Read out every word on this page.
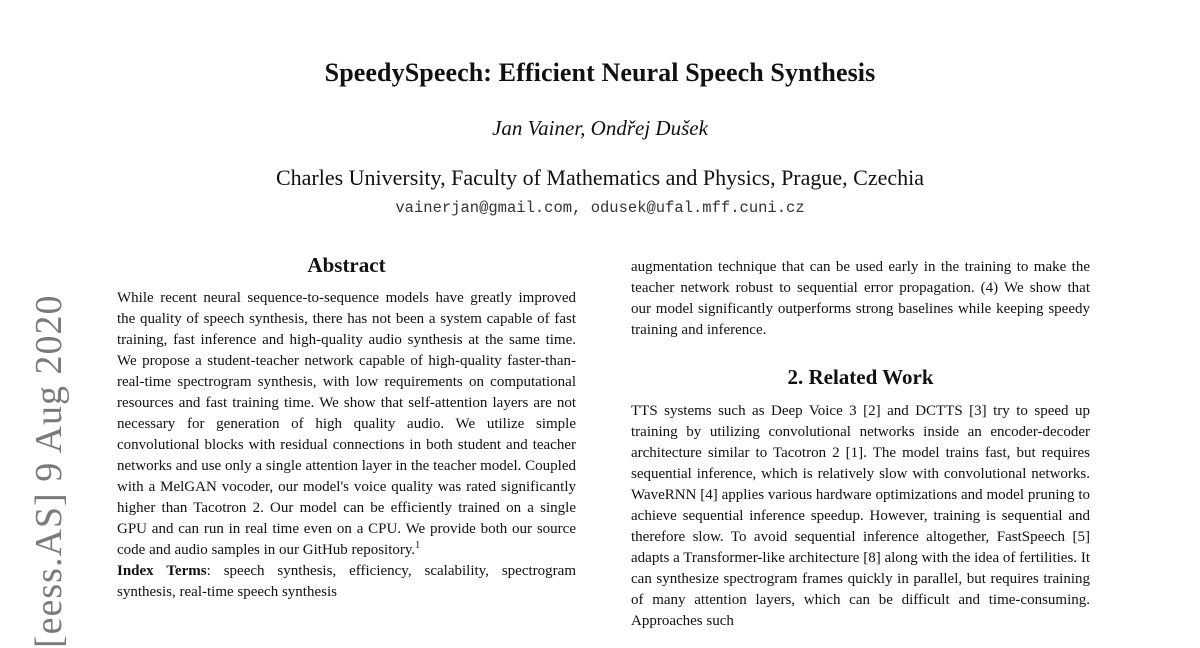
SpeedySpeech: Efficient Neural Speech Synthesis
Jan Vainer, Ondřej Dušek
Charles University, Faculty of Mathematics and Physics, Prague, Czechia
vainerjan@gmail.com, odusek@ufal.mff.cuni.cz
[eess.AS] 9 Aug 2020
Abstract

While recent neural sequence-to-sequence models have greatly improved the quality of speech synthesis, there has not been a system capable of fast training, fast inference and high-quality audio synthesis at the same time. We propose a student-teacher network capable of high-quality faster-than-real-time spectrogram synthesis, with low requirements on computational resources and fast training time. We show that self-attention layers are not necessary for generation of high quality audio. We utilize simple convolutional blocks with residual connections in both student and teacher networks and use only a single attention layer in the teacher model. Coupled with a MelGAN vocoder, our model's voice quality was rated significantly higher than Tacotron 2. Our model can be efficiently trained on a single GPU and can run in real time even on a CPU. We provide both our source code and audio samples in our GitHub repository.$^1$

Index Terms: speech synthesis, efficiency, scalability, spectrogram synthesis, real-time speech synthesis

augmentation technique that can be used early in the training to make the teacher network robust to sequential error propagation. (4) We show that our model significantly outperforms strong baselines while keeping speedy training and inference.

2. Related Work

TTS systems such as Deep Voice 3 [2] and DCTTS [3] try to speed up training by utilizing convolutional networks inside an encoder-decoder architecture similar to Tacotron 2 [1]. The model trains fast, but requires sequential inference, which is relatively slow with convolutional networks. WaveRNN [4] applies various hardware optimizations and model pruning to achieve sequential inference speedup. However, training is sequential and therefore slow. To avoid sequential inference altogether, FastSpeech [5] adapts a Transformer-like architecture [8] along with the idea of fertilities. It can synthesize spectrogram frames quickly in parallel, but requires training of many attention layers, which can be difficult and time-consuming. Approaches such
